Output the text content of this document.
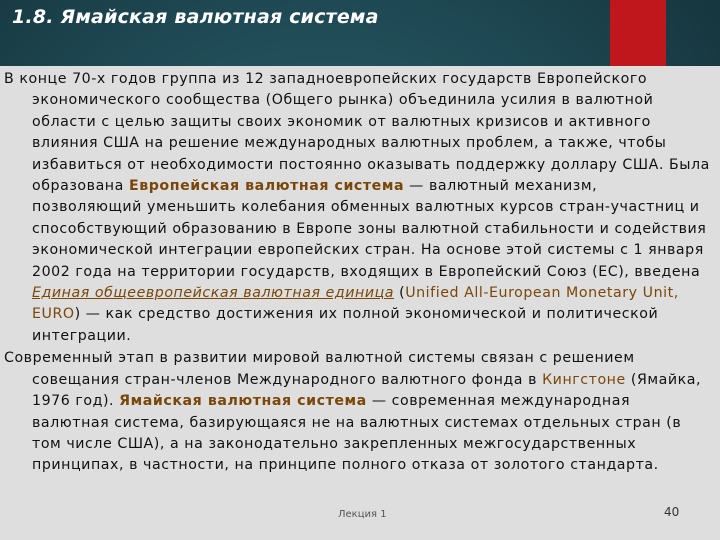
1.8. Ямайская валютная система

В конце 70-х годов группа из 12 западноевропейских государств Европейского экономического сообщества (Общего рынка) объединила усилия в валютной области с целью защиты своих экономик от валютных кризисов и активного влияния США на решение международных валютных проблем, а также, чтобы избавиться от необходимости постоянно оказывать поддержку доллару США. Была образована Европейская валютная система — валютный механизм, позволяющий уменьшить колебания обменных валютных курсов стран-участниц и способствующий образованию в Европе зоны валютной стабильности и содействия экономической интеграции европейских стран. На основе этой системы с 1 января 2002 года на территории государств, входящих в Европейский Союз (ЕС), введена Единая общеевропейская валютная единица (Unified All-European Monetary Unit, EURO) — как средство достижения их полной экономической и политической интеграции.

Современный этап в развитии мировой валютной системы связан с решением совещания стран-членов Международного валютного фонда в Кингстоне (Ямайка, 1976 год). Ямайская валютная система — современная международная валютная система, базирующаяся не на валютных системах отдельных стран (в том числе США), а на законодательно закрепленных межгосударственных принципах, в частности, на принципе полного отказа от золотого стандарта.

Лекция 1	40
